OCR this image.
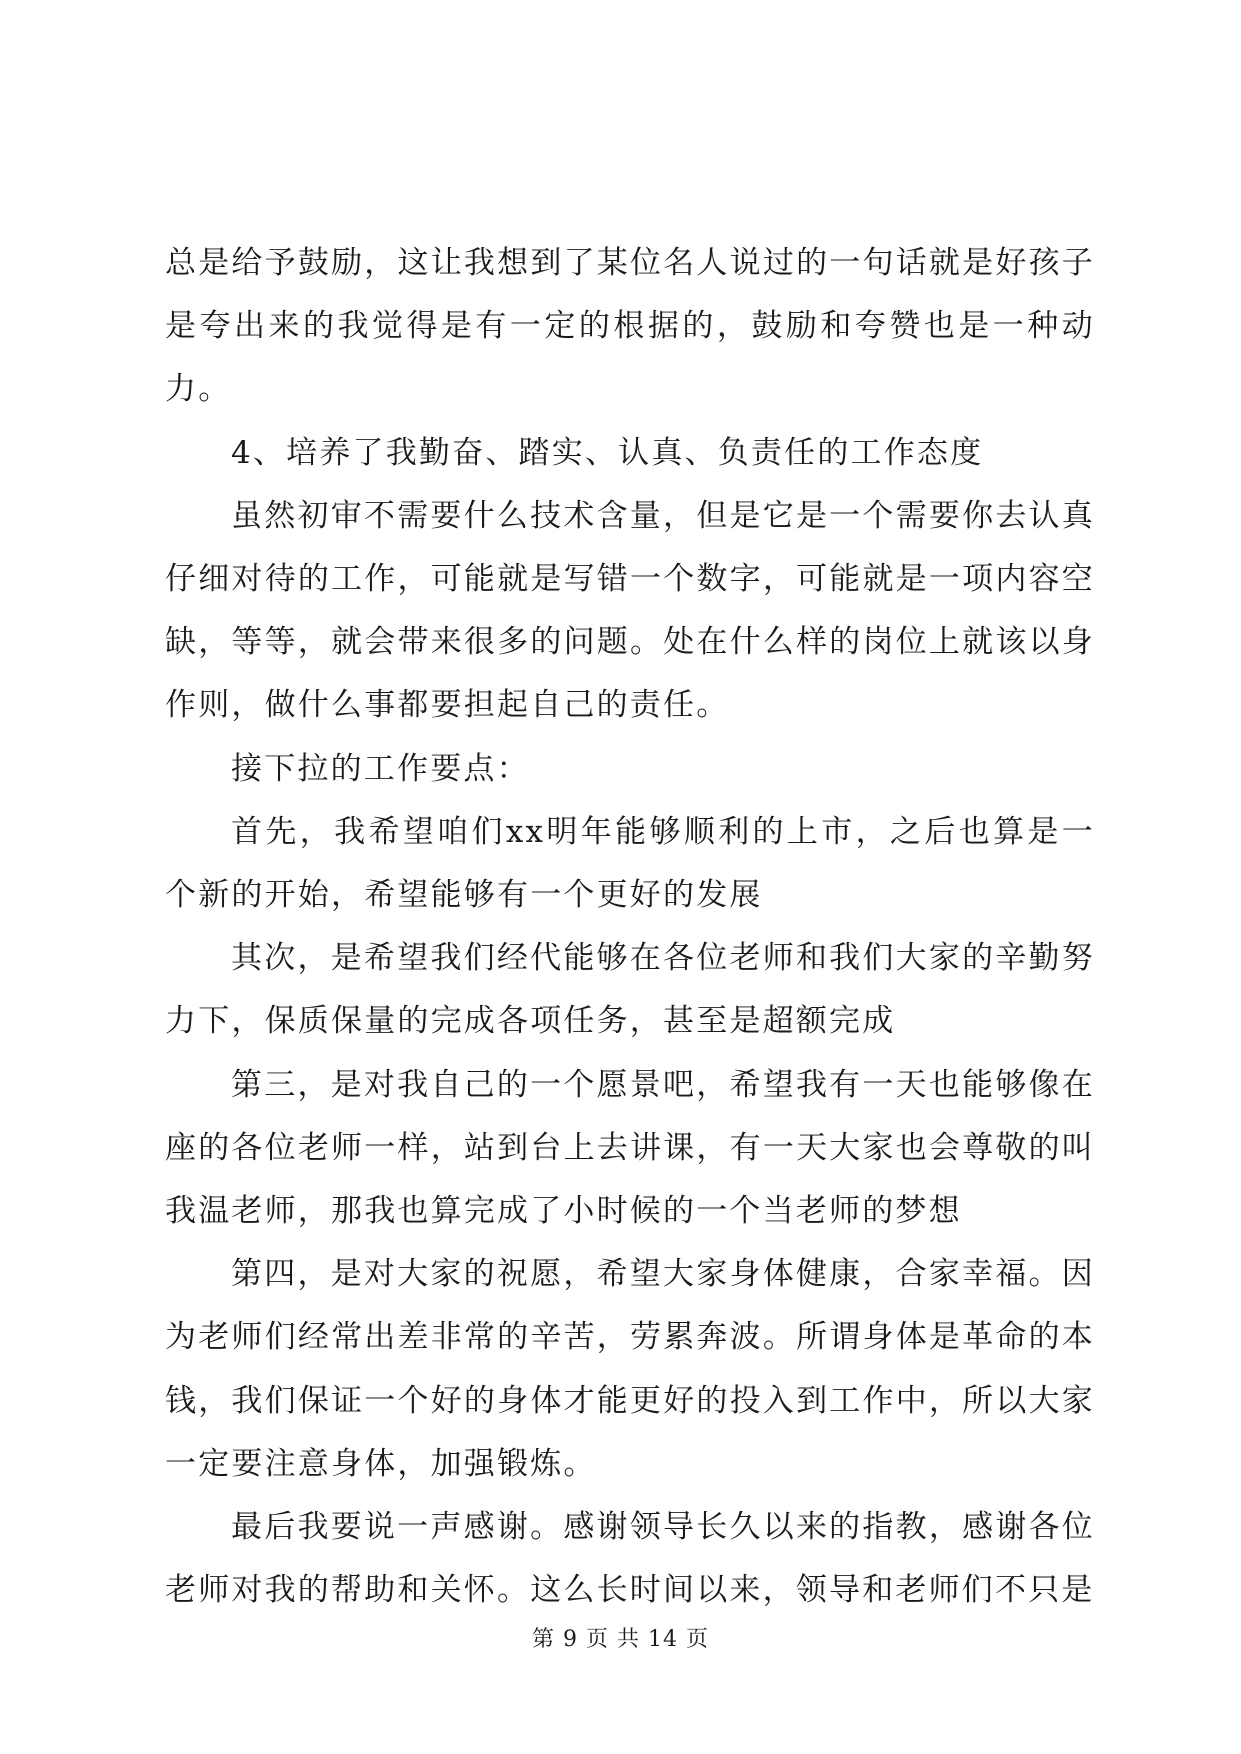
总是给予鼓励，这让我想到了某位名人说过的一句话就是好孩子是夸出来的我觉得是有一定的根据的，鼓励和夸赞也是一种动力。

4、培养了我勤奋、踏实、认真、负责任的工作态度

虽然初审不需要什么技术含量，但是它是一个需要你去认真仔细对待的工作，可能就是写错一个数字，可能就是一项内容空缺，等等，就会带来很多的问题。处在什么样的岗位上就该以身作则，做什么事都要担起自己的责任。

接下拉的工作要点：

首先，我希望咱们xx明年能够顺利的上市，之后也算是一个新的开始，希望能够有一个更好的发展

其次，是希望我们经代能够在各位老师和我们大家的辛勤努力下，保质保量的完成各项任务，甚至是超额完成

第三，是对我自己的一个愿景吧，希望我有一天也能够像在座的各位老师一样，站到台上去讲课，有一天大家也会尊敬的叫我温老师，那我也算完成了小时候的一个当老师的梦想

第四，是对大家的祝愿，希望大家身体健康，合家幸福。因为老师们经常出差非常的辛苦，劳累奔波。所谓身体是革命的本钱，我们保证一个好的身体才能更好的投入到工作中，所以大家一定要注意身体，加强锻炼。

最后我要说一声感谢。感谢领导长久以来的指教，感谢各位老师对我的帮助和关怀。这么长时间以来，领导和老师们不只是

第 9 页 共 14 页
